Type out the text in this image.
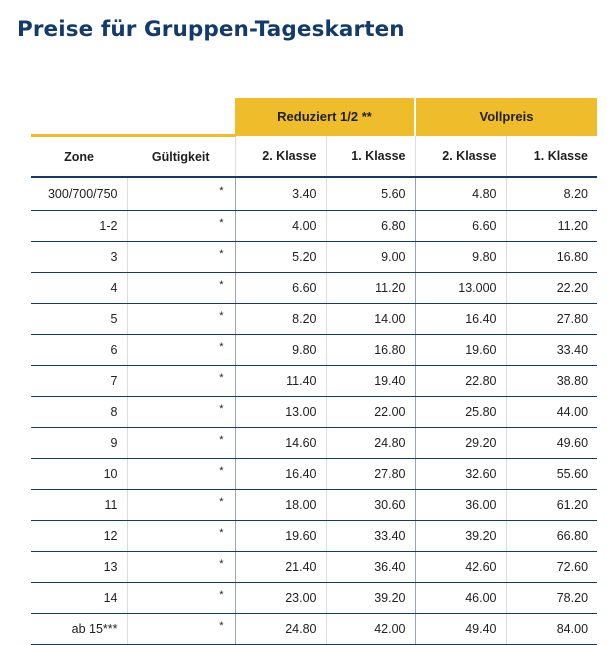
Preise für Gruppen-Tageskarten
		Reduziert 1/2 **		Vollpreis	
Zone	Gültigkeit	2. Klasse	1. Klasse	2. Klasse	1. Klasse
300/700/750	*	3.40	5.60	4.80	8.20
1-2	*	4.00	6.80	6.60	11.20
3	*	5.20	9.00	9.80	16.80
4	*	6.60	11.20	13.000	22.20
5	*	8.20	14.00	16.40	27.80
6	*	9.80	16.80	19.60	33.40
7	*	11.40	19.40	22.80	38.80
8	*	13.00	22.00	25.80	44.00
9	*	14.60	24.80	29.20	49.60
10	*	16.40	27.80	32.60	55.60
11	*	18.00	30.60	36.00	61.20
12	*	19.60	33.40	39.20	66.80
13	*	21.40	36.40	42.60	72.60
14	*	23.00	39.20	46.00	78.20
ab 15***	*	24.80	42.00	49.40	84.00
